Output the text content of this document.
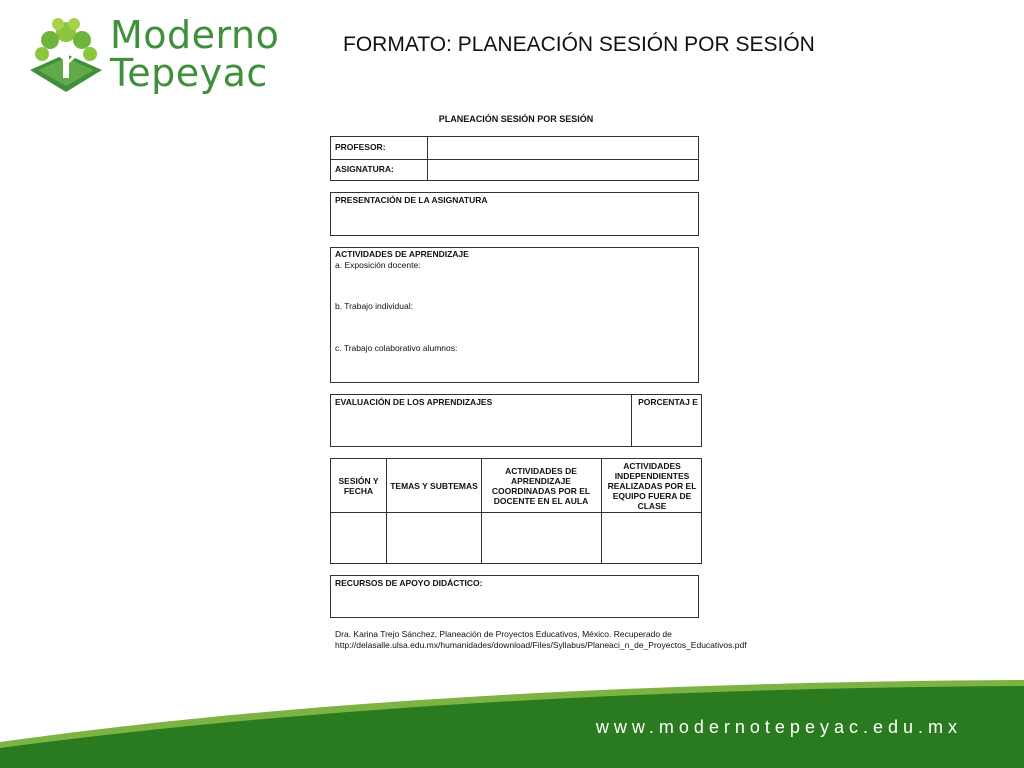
Moderno
Tepeyac
FORMATO: PLANEACIÓN SESIÓN POR SESIÓN
PLANEACIÓN SESIÓN POR SESIÓN
PROFESOR:
ASIGNATURA:
PRESENTACIÓN DE LA ASIGNATURA
ACTIVIDADES DE APRENDIZAJE
a. Exposición docente:
b. Trabajo individual:
c. Trabajo colaborativo alumnos:
EVALUACIÓN DE LOS APRENDIZAJES	PORCENTAJ E
SESIÓN Y FECHA	TEMAS Y SUBTEMAS
ACTIVIDADES DE APRENDIZAJE COORDINADAS POR EL DOCENTE EN EL AULA
ACTIVIDADES INDEPENDIENTES REALIZADAS POR EL EQUIPO FUERA DE CLASE
RECURSOS DE APOYO DIDÁCTICO:
Dra. Karina Trejo Sánchez, Planeación de Proyectos Educativos, México. Recuperado de http://delasalle.ulsa.edu.mx/humanidades/download/Files/Syllabus/Planeaci_n_de_Proyectos_Educativos.pdf
www.modernotepeyac.edu.mx
